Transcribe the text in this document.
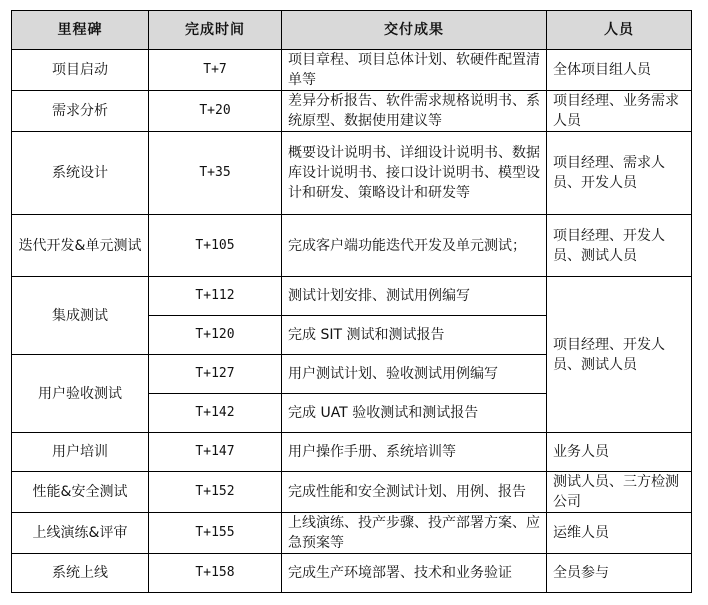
里程碑	完成时间	交付成果	人员
项目启动	T+7	项目章程、项目总体计划、软硬件配置清单等	全体项目组人员
需求分析	T+20	差异分析报告、软件需求规格说明书、系统原型、数据使用建议等	项目经理、业务需求人员
系统设计	T+35	概要设计说明书、详细设计说明书、数据库设计说明书、接口设计说明书、模型设计和研发、策略设计和研发等	项目经理、需求人员、开发人员
迭代开发&单元测试	T+105	完成客户端功能迭代开发及单元测试；	项目经理、开发人员、测试人员
集成测试	T+112	测试计划安排、测试用例编写	项目经理、开发人员、测试人员
	T+120	完成 SIT 测试和测试报告	
用户验收测试	T+127	用户测试计划、验收测试用例编写	
	T+142	完成 UAT 验收测试和测试报告	
用户培训	T+147	用户操作手册、系统培训等	业务人员
性能&安全测试	T+152	完成性能和安全测试计划、用例、报告	测试人员、三方检测公司
上线演练&评审	T+155	上线演练、投产步骤、投产部署方案、应急预案等	运维人员
系统上线	T+158	完成生产环境部署、技术和业务验证	全员参与
